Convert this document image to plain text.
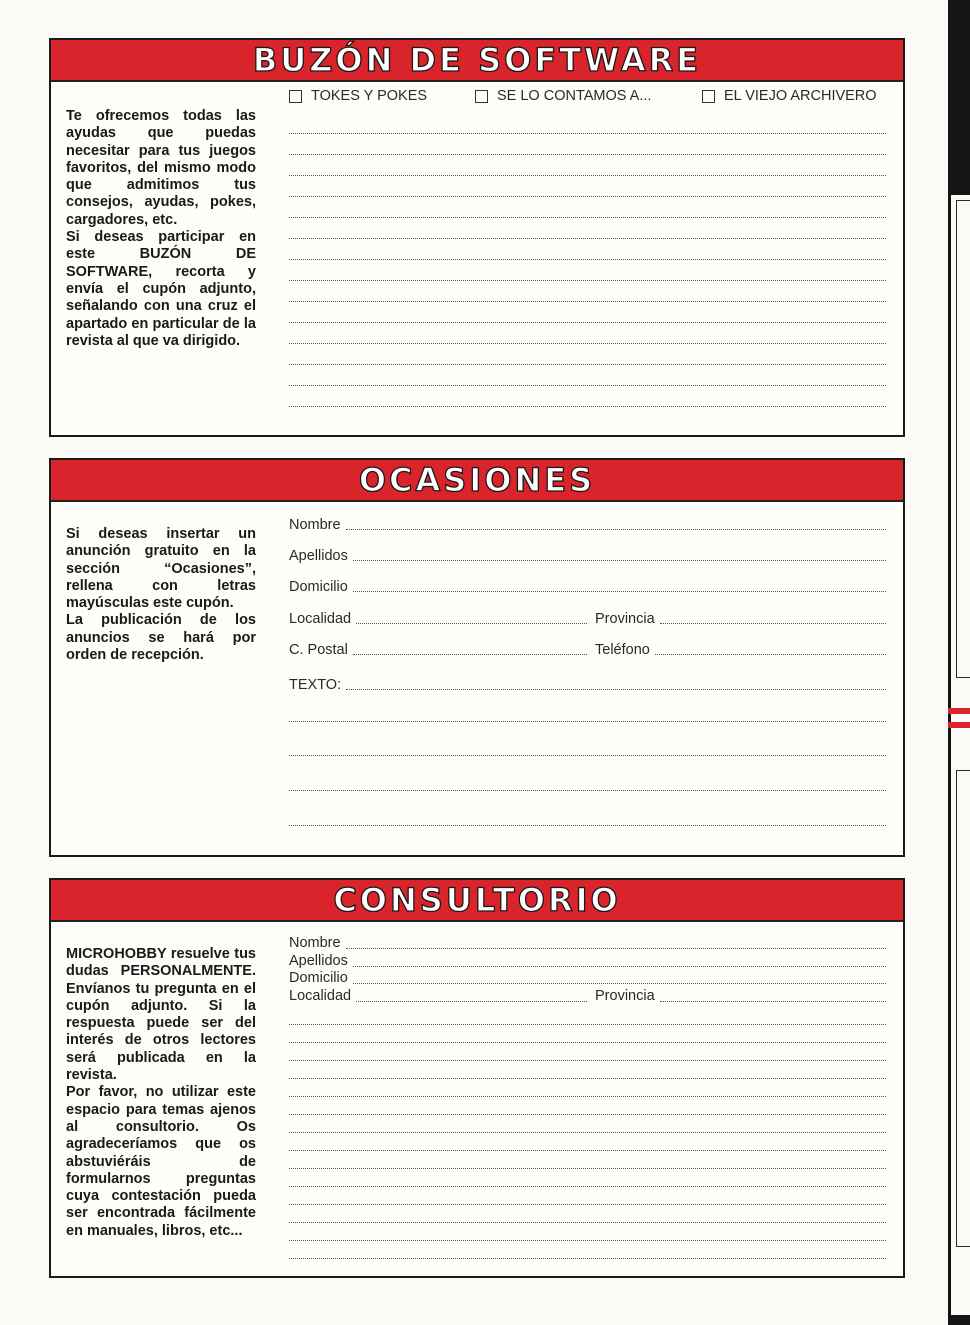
BUZÓN DE SOFTWARE
Te ofrecemos todas las ayudas que puedas necesitar para tus juegos favoritos, del mismo modo que admitimos tus consejos, ayudas, pokes, cargadores, etc.
Si deseas participar en este BUZÓN DE SOFTWARE, recorta y envía el cupón adjunto, señalando con una cruz el apartado en particular de la revista al que va dirigido.
TOKES Y POKES	SE LO CONTAMOS A...	EL VIEJO ARCHIVERO
OCASIONES
Si deseas insertar un anunción gratuito en la sección “Ocasiones”, rellena con letras mayúsculas este cupón.
La publicación de los anuncios se hará por orden de recepción.
Nombre
Apellidos
Domicilio
Localidad	Provincia
C. Postal	Teléfono
TEXTO:
CONSULTORIO
MICROHOBBY resuelve tus dudas PERSONALMENTE. Envíanos tu pregunta en el cupón adjunto. Si la respuesta puede ser del interés de otros lectores será publicada en la revista.
Por favor, no utilizar este espacio para temas ajenos al consultorio. Os agradeceríamos que os abstuviéráis de formularnos preguntas cuya contestación pueda ser encontrada fácilmente en manuales, libros, etc...
Nombre
Apellidos
Domicilio
Localidad	Provincia
